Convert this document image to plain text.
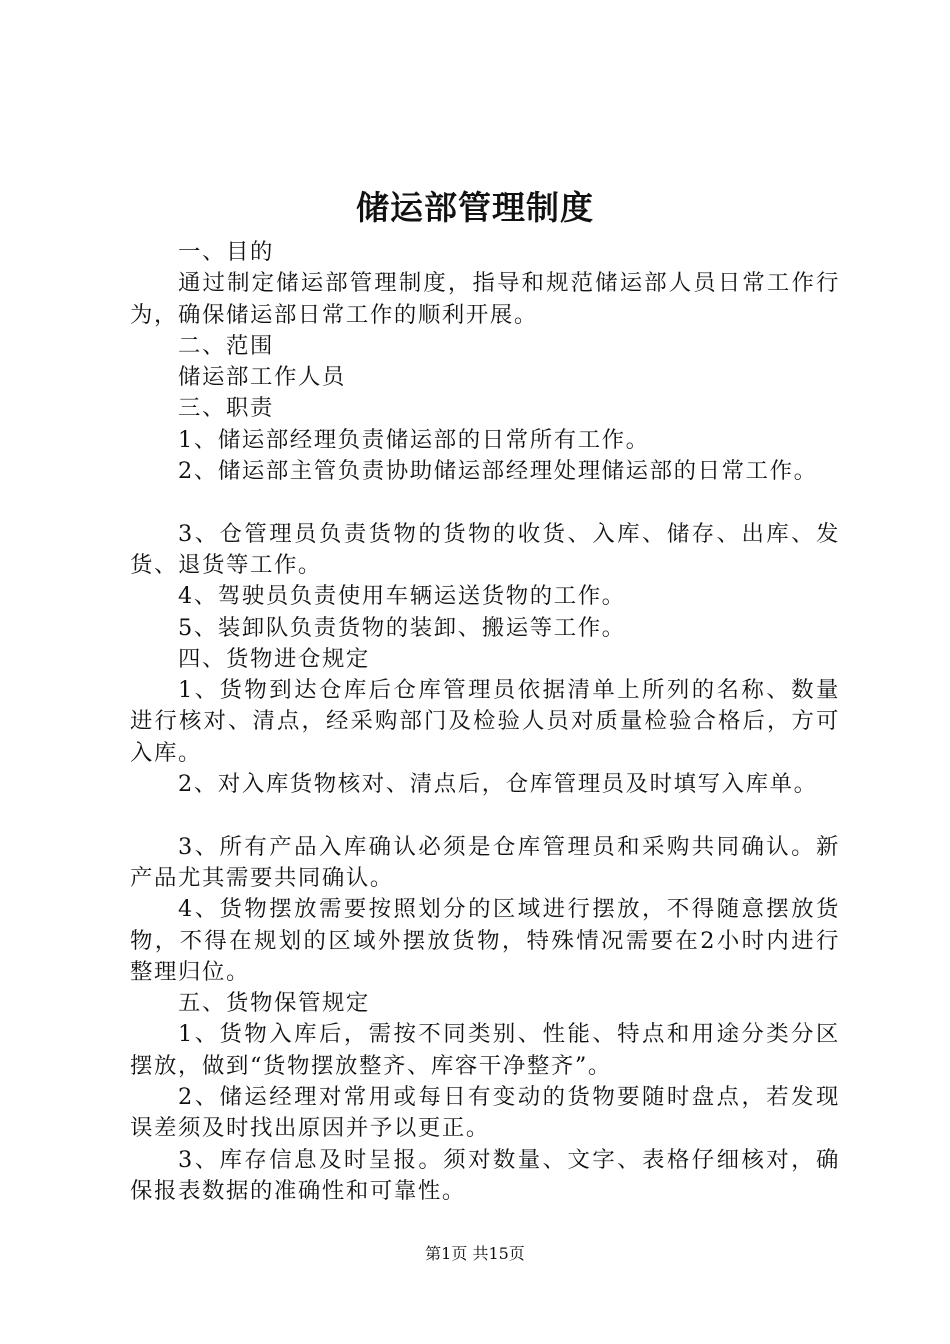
储运部管理制度

一、目的

通过制定储运部管理制度，指导和规范储运部人员日常工作行为，确保储运部日常工作的顺利开展。

二、范围

储运部工作人员

三、职责

1、储运部经理负责储运部的日常所有工作。

2、储运部主管负责协助储运部经理处理储运部的日常工作。

3、仓管理员负责货物的货物的收货、入库、储存、出库、发货、退货等工作。

4、驾驶员负责使用车辆运送货物的工作。

5、装卸队负责货物的装卸、搬运等工作。

四、货物进仓规定

1、货物到达仓库后仓库管理员依据清单上所列的名称、数量进行核对、清点，经采购部门及检验人员对质量检验合格后，方可入库。

2、对入库货物核对、清点后，仓库管理员及时填写入库单。

3、所有产品入库确认必须是仓库管理员和采购共同确认。新产品尤其需要共同确认。

4、货物摆放需要按照划分的区域进行摆放，不得随意摆放货物，不得在规划的区域外摆放货物，特殊情况需要在2小时内进行整理归位。

五、货物保管规定

1、货物入库后，需按不同类别、性能、特点和用途分类分区摆放，做到“货物摆放整齐、库容干净整齐”。

2、储运经理对常用或每日有变动的货物要随时盘点，若发现误差须及时找出原因并予以更正。

3、库存信息及时呈报。须对数量、文字、表格仔细核对，确保报表数据的准确性和可靠性。

第1页 共15页
